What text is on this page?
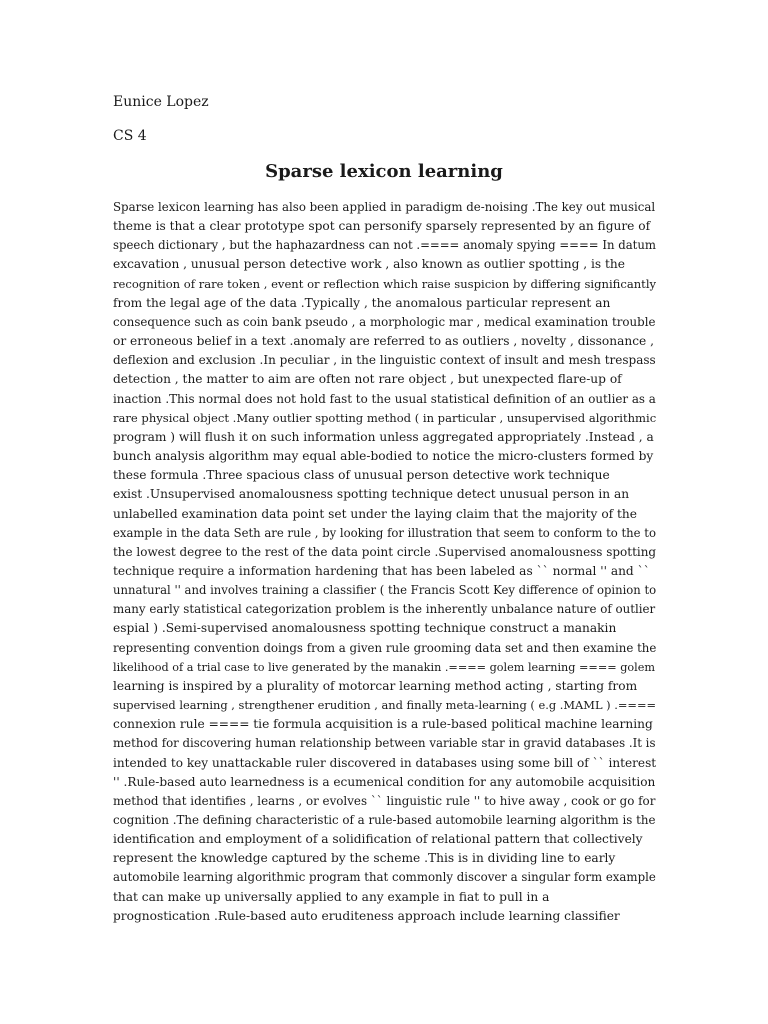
Eunice Lopez

CS 4

Sparse lexicon learning
Sparse lexicon learning has also been applied in paradigm de-noising .The key out musical
theme is that a clear prototype spot can personify sparsely represented by an figure of
speech dictionary , but the haphazardness can not .==== anomaly spying ==== In datum
excavation , unusual person detective work , also known as outlier spotting , is the
recognition of rare token , event or reflection which raise suspicion by differing significantly
from the legal age of the data .Typically , the anomalous particular represent an
consequence such as coin bank pseudo , a morphologic mar , medical examination trouble
or erroneous belief in a text .anomaly are referred to as outliers , novelty , dissonance ,
deflexion and exclusion .In peculiar , in the linguistic context of insult and mesh trespass
detection , the matter to aim are often not rare object , but unexpected flare-up of
inaction .This normal does not hold fast to the usual statistical definition of an outlier as a
rare physical object .Many outlier spotting method ( in particular , unsupervised algorithmic
program ) will flush it on such information unless aggregated appropriately .Instead , a
bunch analysis algorithm may equal able-bodied to notice the micro-clusters formed by
these formula .Three spacious class of unusual person detective work technique
exist .Unsupervised anomalousness spotting technique detect unusual person in an
unlabelled examination data point set under the laying claim that the majority of the
example in the data Seth are rule , by looking for illustration that seem to conform to the to
the lowest degree to the rest of the data point circle .Supervised anomalousness spotting
technique require a information hardening that has been labeled as `` normal '' and ``
unnatural '' and involves training a classifier ( the Francis Scott Key difference of opinion to
many early statistical categorization problem is the inherently unbalance nature of outlier
espial ) .Semi-supervised anomalousness spotting technique construct a manakin
representing convention doings from a given rule grooming data set and then examine the
likelihood of a trial case to live generated by the manakin .==== golem learning ==== golem
learning is inspired by a plurality of motorcar learning method acting , starting from
supervised learning , strengthener erudition , and finally meta-learning ( e.g .MAML ) .====
connexion rule ==== tie formula acquisition is a rule-based political machine learning
method for discovering human relationship between variable star in gravid databases .It is
intended to key unattackable ruler discovered in databases using some bill of `` interest
'' .Rule-based auto learnedness is a ecumenical condition for any automobile acquisition
method that identifies , learns , or evolves `` linguistic rule '' to hive away , cook or go for
cognition .The defining characteristic of a rule-based automobile learning algorithm is the
identification and employment of a solidification of relational pattern that collectively
represent the knowledge captured by the scheme .This is in dividing line to early
automobile learning algorithmic program that commonly discover a singular form example
that can make up universally applied to any example in fiat to pull in a
prognostication .Rule-based auto eruditeness approach include learning classifier
